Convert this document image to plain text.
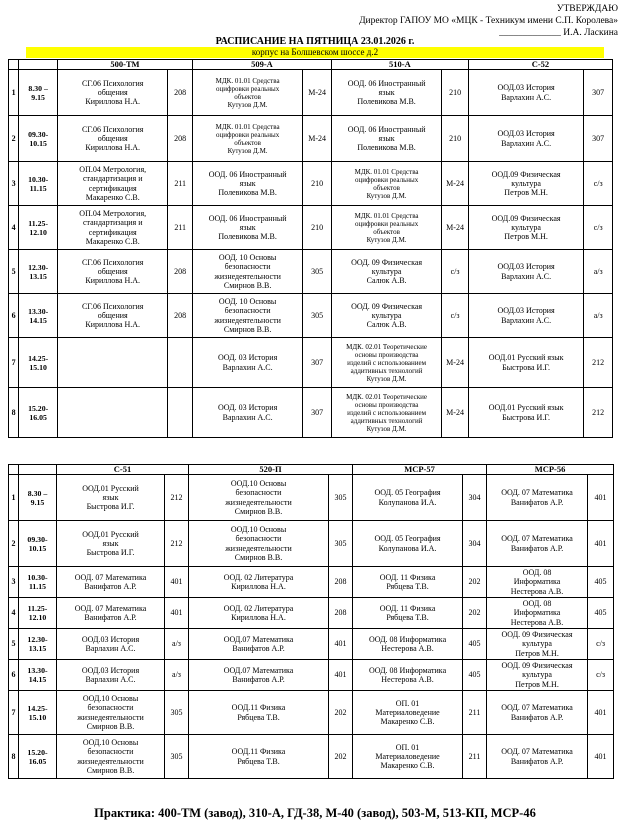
УТВЕРЖДАЮ
Директор ГАПОУ МО «МЦК - Техникум имени С.П. Королева»
_____________ И.А. Ласкина
РАСПИСАНИЕ НА ПЯТНИЦА 23.01.2026 г.
корпус на Болшевском шоссе д.2
		500-ТМ		509-А		510-А		С-52	
1	8.30 –
9.15	СГ.06 Психология
общения
Кириллова Н.А.	208	МДК. 01.01 Средства
оцифровки реальных
объектов
Кутузов Д.М.	М-24	ООД. 06 Иностранный
язык
Полевикова М.В.	210	ООД.03 История
Варлахин А.С.	307
2	09.30-
10.15	СГ.06 Психология
общения
Кириллова Н.А.	208	МДК. 01.01 Средства
оцифровки реальных
объектов
Кутузов Д.М.	М-24	ООД. 06 Иностранный
язык
Полевикова М.В.	210	ООД.03 История
Варлахин А.С.	307
3	10.30-
11.15	ОП.04 Метрология,
стандартизация и
сертификация
Макаренко С.В.	211	ООД. 06 Иностранный
язык
Полевикова М.В.	210	МДК. 01.01 Средства
оцифровки реальных
объектов
Кутузов Д.М.	М-24	ООД.09 Физическая
культура
Петров М.Н.	с/з
4	11.25-
12.10	ОП.04 Метрология,
стандартизация и
сертификация
Макаренко С.В.	211	ООД. 06 Иностранный
язык
Полевикова М.В.	210	МДК. 01.01 Средства
оцифровки реальных
объектов
Кутузов Д.М.	М-24	ООД.09 Физическая
культура
Петров М.Н.	с/з
5	12.30-
13.15	СГ.06 Психология
общения
Кириллова Н.А.	208	ООД. 10 Основы
безопасности
жизнедеятельности
Смирнов В.В.	305	ООД. 09 Физическая
культура
Салюк А.В.	с/з	ООД.03 История
Варлахин А.С.	а/з
6	13.30-
14.15	СГ.06 Психология
общения
Кириллова Н.А.	208	ООД. 10 Основы
безопасности
жизнедеятельности
Смирнов В.В.	305	ООД. 09 Физическая
культура
Салюк А.В.	с/з	ООД.03 История
Варлахин А.С.	а/з
7	14.25-
15.10			ООД. 03 История
Варлахин А.С.	307	МДК. 02.01 Теоретические
основы производства
изделий с использованием
аддитивных технологий
Кутузов Д.М.	М-24	ООД.01 Русский язык
Быстрова И.Г.	212
8	15.20-
16.05			ООД. 03 История
Варлахин А.С.	307	МДК. 02.01 Теоретические
основы производства
изделий с использованием
аддитивных технологий
Кутузов Д.М.	М-24	ООД.01 Русский язык
Быстрова И.Г.	212
		С-51		520-П		МСР-57		МСР-56	
1	8.30 –
9.15	ООД.01 Русский
язык
Быстрова И.Г.	212	ООД.10 Основы
безопасности
жизнедеятельности
Смирнов В.В.	305	ООД. 05 География
Колупанова И.А.	304	ООД. 07 Математика
Ванифатов А.Р.	401
2	09.30-
10.15	ООД.01 Русский
язык
Быстрова И.Г.	212	ООД.10 Основы
безопасности
жизнедеятельности
Смирнов В.В.	305	ООД. 05 География
Колупанова И.А.	304	ООД. 07 Математика
Ванифатов А.Р.	401
3	10.30-
11.15	ООД. 07 Математика
Ванифатов А.Р.	401	ООД. 02 Литература
Кириллова Н.А.	208	ООД. 11 Физика
Рябцева Т.В.	202	ООД. 08
Информатика
Нестерова А.В.	405
4	11.25-
12.10	ООД. 07 Математика
Ванифатов А.Р.	401	ООД. 02 Литература
Кириллова Н.А.	208	ООД. 11 Физика
Рябцева Т.В.	202	ООД. 08
Информатика
Нестерова А.В.	405
5	12.30-
13.15	ООД.03 История
Варлахин А.С.	а/з	ООД.07 Математика
Ванифатов А.Р.	401	ООД. 08 Информатика
Нестерова А.В.	405	ООД. 09 Физическая
культура
Петров М.Н.	с/з
6	13.30-
14.15	ООД.03 История
Варлахин А.С.	а/з	ООД.07 Математика
Ванифатов А.Р.	401	ООД. 08 Информатика
Нестерова А.В.	405	ООД. 09 Физическая
культура
Петров М.Н.	с/з
7	14.25-
15.10	ООД.10 Основы
безопасности
жизнедеятельности
Смирнов В.В.	305	ООД.11 Физика
Рябцева Т.В.	202	ОП. 01
Материаловедение
Макаренко С.В.	211	ООД. 07 Математика
Ванифатов А.Р.	401
8	15.20-
16.05	ООД.10 Основы
безопасности
жизнедеятельности
Смирнов В.В.	305	ООД.11 Физика
Рябцева Т.В.	202	ОП. 01
Материаловедение
Макаренко С.В.	211	ООД. 07 Математика
Ванифатов А.Р.	401
Практика: 400-ТМ (завод), 310-А, ГД-38, М-40 (завод), 503-М, 513-КП, МСР-46
